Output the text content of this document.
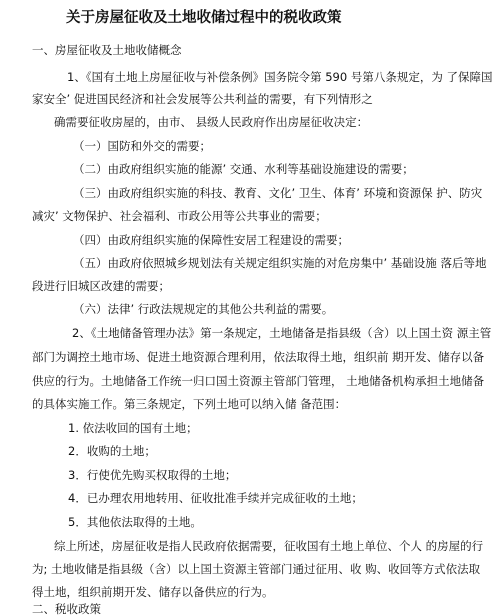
关于房屋征收及土地收储过程中的税收政策
一、房屋征收及土地收储概念
1、《国有土地上房屋征收与补偿条例》国务院令第 590 号第八条规定，为 了保障国
家安全’ 促进国民经济和社会发展等公共利益的需要，有下列情形之
确需要征收房屋的，由市、 县级人民政府作出房屋征收决定：
（一）国防和外交的需要；
（二）由政府组织实施的能源’ 交通、水利等基础设施建设的需要；
（三）由政府组织实施的科技、教育、文化’ 卫生、体育’ 环境和资源保 护、防灾
减灾’ 文物保护、社会福利、市政公用等公共事业的需要；
（四）由政府组织实施的保障性安居工程建设的需要；
（五）由政府依照城乡规划法有关规定组织实施的对危房集中’ 基础设施 落后等地
段进行旧城区改建的需要；
（六）法律’ 行政法规规定的其他公共利益的需要。
2、《土地储备管理办法》第一条规定，土地储备是指县级（含）以上国土资 源主管
部门为调控土地市场、促进土地资源合理利用，依法取得土地，组织前 期开发、储存以备
供应的行为。土地储备工作统一归口国土资源主管部门管理， 土地储备机构承担土地储备
的具体实施工作。第三条规定，下列土地可以纳入储 备范围：
1. 依法收回的国有土地；
2．收购的土地；
3．行使优先购买权取得的土地；
4．已办理农用地转用、征收批准手续并完成征收的土地；
5．其他依法取得的土地。
综上所述，房屋征收是指人民政府依据需要，征收国有土地上单位、个人 的房屋的行
为; 土地收储是指县级（含）以上国土资源主管部门通过征用、收 购、收回等方式依法取
得土地，组织前期开发、储存以备供应的行为。
二、税收政策
